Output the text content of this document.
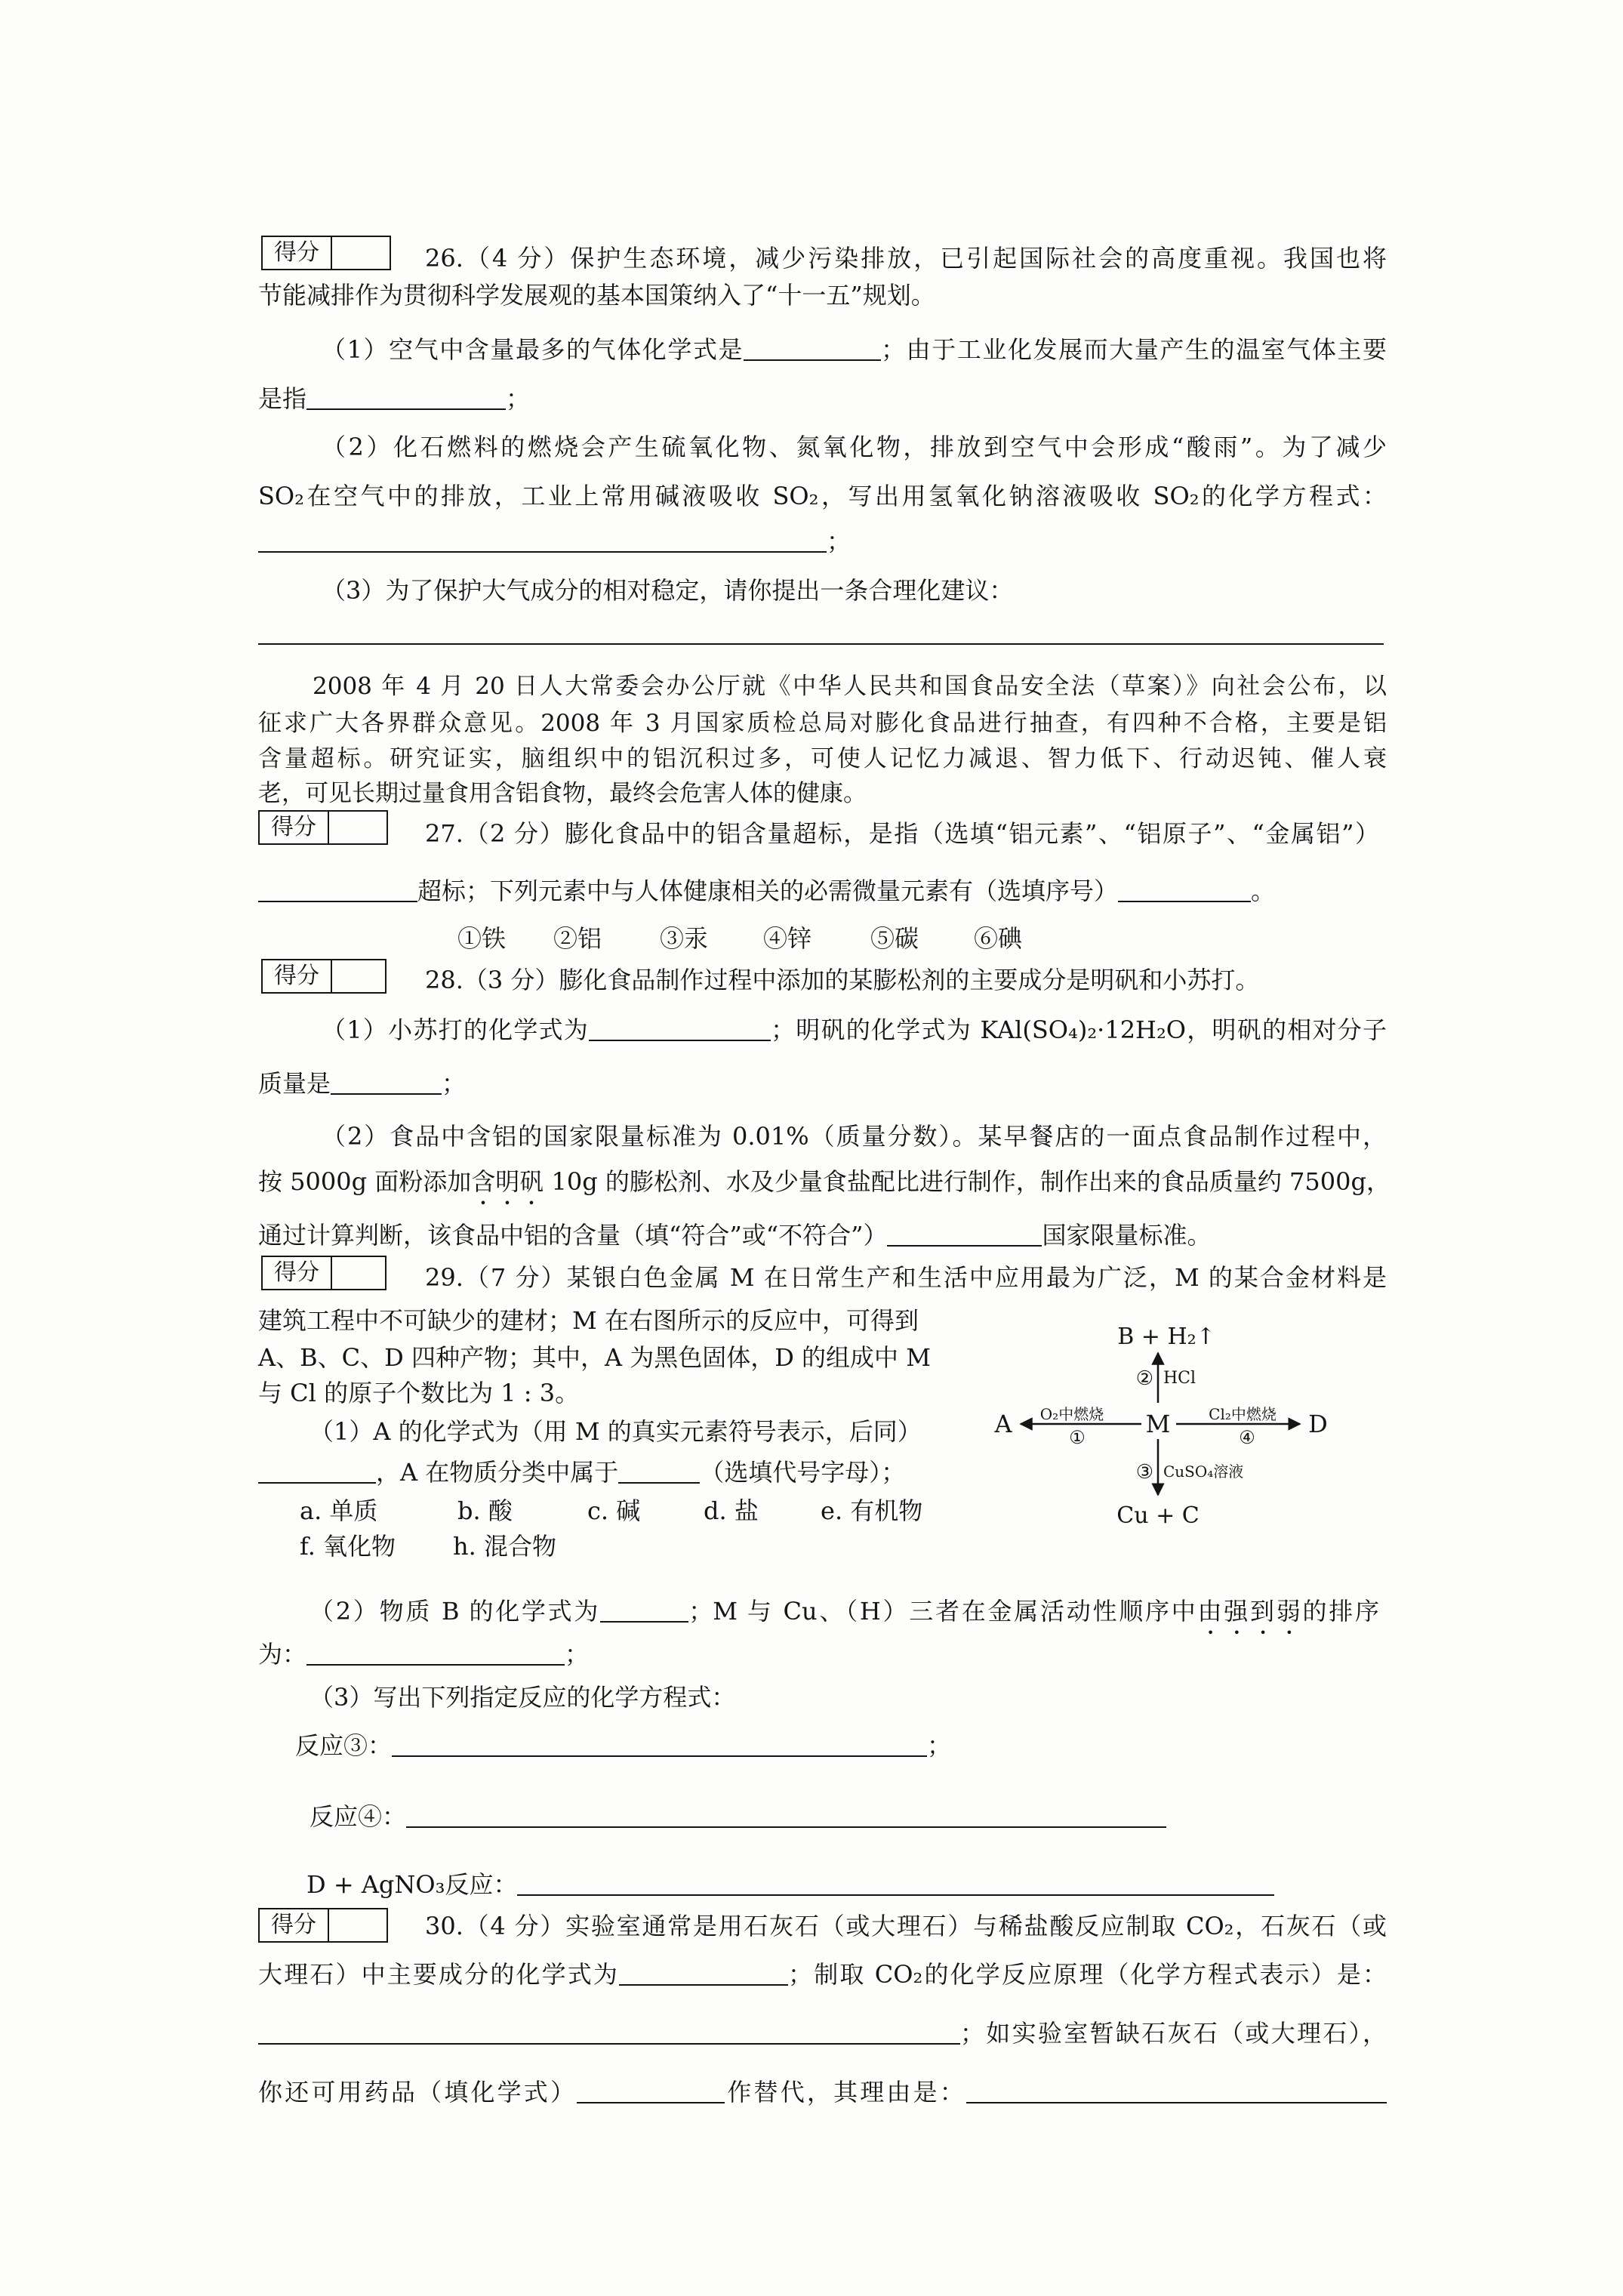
得分	26.（4 分）保护生态环境，减少污染排放，已引起国际社会的高度重视。我国也将
节能减排作为贯彻科学发展观的基本国策纳入了“十一五”规划。
（1）空气中含量最多的气体化学式是	；由于工业化发展而大量产生的温室气体主要
是指	；
（2）化石燃料的燃烧会产生硫氧化物、氮氧化物，排放到空气中会形成“酸雨”。为了减少
SO₂在空气中的排放，工业上常用碱液吸收 SO₂，写出用氢氧化钠溶液吸收 SO₂的化学方程式：
；
（3）为了保护大气成分的相对稳定，请你提出一条合理化建议：
2008 年 4 月 20 日人大常委会办公厅就《中华人民共和国食品安全法（草案）》向社会公布，以
征求广大各界群众意见。2008 年 3 月国家质检总局对膨化食品进行抽查，有四种不合格，主要是铝
含量超标。研究证实，脑组织中的铝沉积过多，可使人记忆力减退、智力低下、行动迟钝、催人衰
老，可见长期过量食用含铝食物，最终会危害人体的健康。
得分	27.（2 分）膨化食品中的铝含量超标，是指（选填“铝元素”、“铝原子”、“金属铝”）
超标；下列元素中与人体健康相关的必需微量元素有（选填序号）	。
①铁 ②铝 ③汞 ④锌 ⑤碳 ⑥碘
得分	28.（3 分）膨化食品制作过程中添加的某膨松剂的主要成分是明矾和小苏打。
（1）小苏打的化学式为	；明矾的化学式为 KAl(SO₄)₂·12H₂O，明矾的相对分子
质量是	；
（2）食品中含铝的国家限量标准为 0.01%（质量分数）。某早餐店的一面点食品制作过程中，
按 5000g 面粉添加含明矾 10g 的膨松剂、水及少量食盐配比进行制作，制作出来的食品质量约 7500g，
通过计算判断，该食品中铝的含量（填“符合”或“不符合”）	国家限量标准。
得分	29.（7 分）某银白色金属 M 在日常生产和生活中应用最为广泛，M 的某合金材料是
建筑工程中不可缺少的建材；M 在右图所示的反应中，可得到
A、B、C、D 四种产物；其中，A 为黑色固体，D 的组成中 M
与 Cl 的原子个数比为 1 : 3。
（1）A 的化学式为（用 M 的真实元素符号表示，后同）
，A 在物质分类中属于	（选填代号字母）；
a. 单质	b. 酸	c. 碱	d. 盐	e. 有机物
f. 氧化物 h. 混合物
B + H₂↑
② HCl
A O₂中燃烧
① M	Cl₂中燃烧
④ D
③ CuSO₄溶液
Cu + C
（2）物质 B 的化学式为	；M 与 Cu、（H）三者在金属活动性顺序中由强到弱的排序
为：	；
（3）写出下列指定反应的化学方程式：
反应③：	；
反应④：
D + AgNO₃反应：
得分	30.（4 分）实验室通常是用石灰石（或大理石）与稀盐酸反应制取 CO₂，石灰石（或
大理石）中主要成分的化学式为	；制取 CO₂的化学反应原理（化学方程式表示）是：
；如实验室暂缺石灰石（或大理石），
你还可用药品（填化学式）	作替代，其理由是：
